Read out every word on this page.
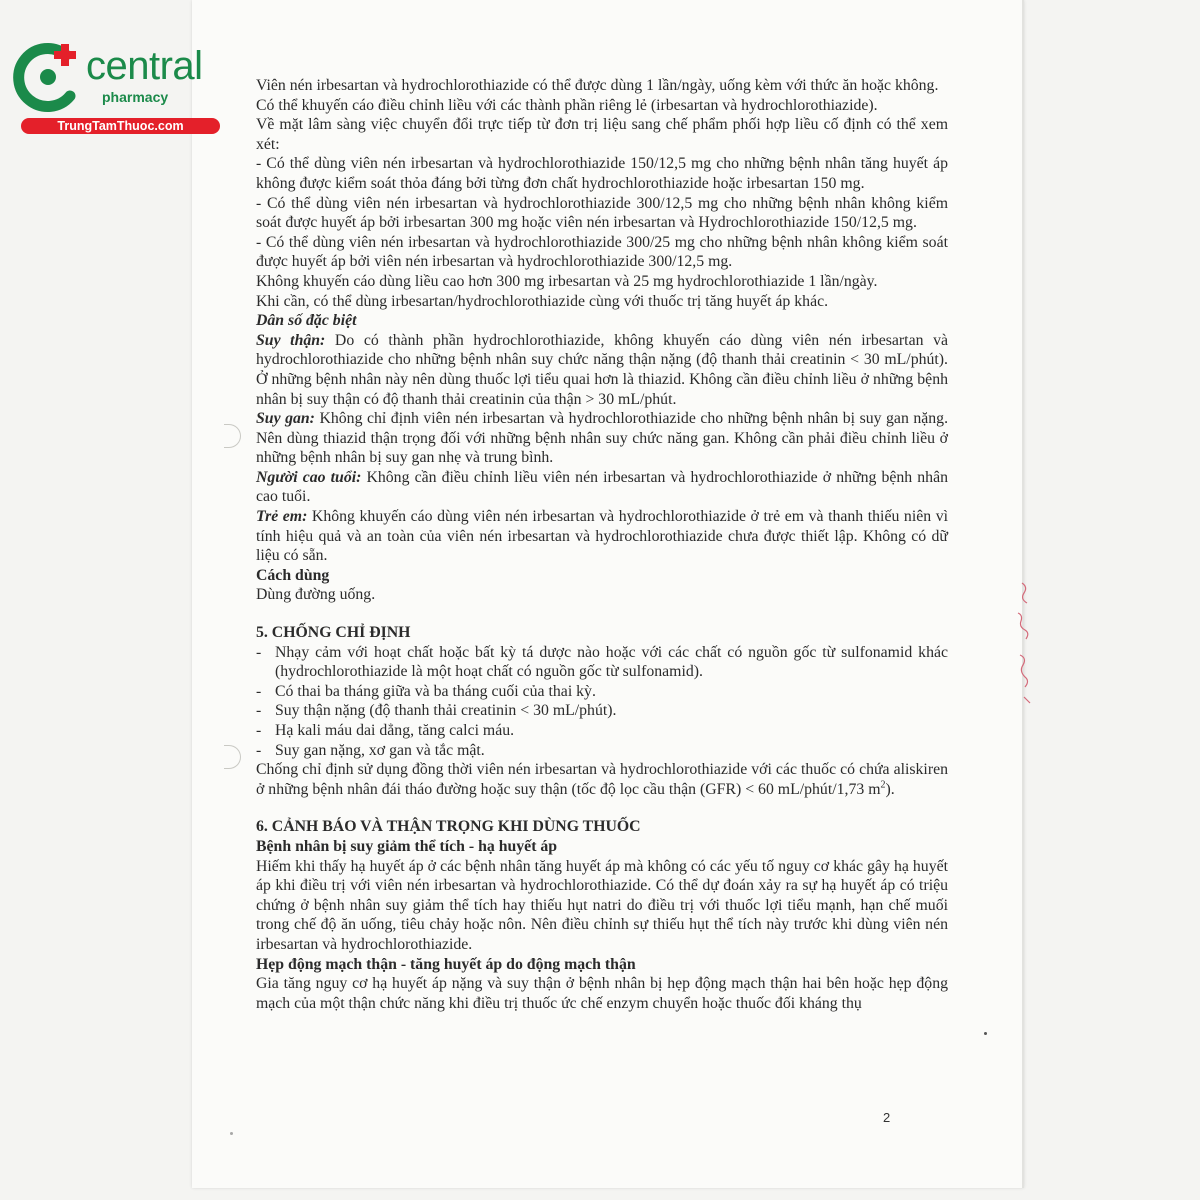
central
pharmacy
TrungTamThuoc.com

Viên nén irbesartan và hydrochlorothiazide có thể được dùng 1 lần/ngày, uống kèm với thức ăn hoặc không.

Có thể khuyến cáo điều chỉnh liều với các thành phần riêng lẻ (irbesartan và hydrochlorothiazide).

Về mặt lâm sàng việc chuyển đổi trực tiếp từ đơn trị liệu sang chế phẩm phối hợp liều cố định có thể xem xét:

- Có thể dùng viên nén irbesartan và hydrochlorothiazide 150/12,5 mg cho những bệnh nhân tăng huyết áp không được kiểm soát thỏa đáng bởi từng đơn chất hydrochlorothiazide hoặc irbesartan 150 mg.

- Có thể dùng viên nén irbesartan và hydrochlorothiazide 300/12,5 mg cho những bệnh nhân không kiểm soát được huyết áp bởi irbesartan 300 mg hoặc viên nén irbesartan và Hydrochlorothiazide 150/12,5 mg.

- Có thể dùng viên nén irbesartan và hydrochlorothiazide 300/25 mg cho những bệnh nhân không kiểm soát được huyết áp bởi viên nén irbesartan và hydrochlorothiazide 300/12,5 mg.

Không khuyến cáo dùng liều cao hơn 300 mg irbesartan và 25 mg hydrochlorothiazide 1 lần/ngày.

Khi cần, có thể dùng irbesartan/hydrochlorothiazide cùng với thuốc trị tăng huyết áp khác.

Dân số đặc biệt

Suy thận: Do có thành phần hydrochlorothiazide, không khuyến cáo dùng viên nén irbesartan và hydrochlorothiazide cho những bệnh nhân suy chức năng thận nặng (độ thanh thải creatinin < 30 mL/phút). Ở những bệnh nhân này nên dùng thuốc lợi tiểu quai hơn là thiazid. Không cần điều chỉnh liều ở những bệnh nhân bị suy thận có độ thanh thải creatinin của thận > 30 mL/phút.

Suy gan: Không chỉ định viên nén irbesartan và hydrochlorothiazide cho những bệnh nhân bị suy gan nặng. Nên dùng thiazid thận trọng đối với những bệnh nhân suy chức năng gan. Không cần phải điều chỉnh liều ở những bệnh nhân bị suy gan nhẹ và trung bình.

Người cao tuổi: Không cần điều chỉnh liều viên nén irbesartan và hydrochlorothiazide ở những bệnh nhân cao tuổi.

Trẻ em: Không khuyến cáo dùng viên nén irbesartan và hydrochlorothiazide ở trẻ em và thanh thiếu niên vì tính hiệu quả và an toàn của viên nén irbesartan và hydrochlorothiazide chưa được thiết lập. Không có dữ liệu có sẵn.

Cách dùng

Dùng đường uống.

5. CHỐNG CHỈ ĐỊNH

- Nhạy cảm với hoạt chất hoặc bất kỳ tá dược nào hoặc với các chất có nguồn gốc từ sulfonamid khác (hydrochlorothiazide là một hoạt chất có nguồn gốc từ sulfonamid).
- Có thai ba tháng giữa và ba tháng cuối của thai kỳ.
- Suy thận nặng (độ thanh thải creatinin < 30 mL/phút).
- Hạ kali máu dai dẳng, tăng calci máu.
- Suy gan nặng, xơ gan và tắc mật.

Chống chỉ định sử dụng đồng thời viên nén irbesartan và hydrochlorothiazide với các thuốc có chứa aliskiren ở những bệnh nhân đái tháo đường hoặc suy thận (tốc độ lọc cầu thận (GFR) < 60 mL/phút/1,73 $m^2$).

6. CẢNH BÁO VÀ THẬN TRỌNG KHI DÙNG THUỐC

Bệnh nhân bị suy giảm thể tích - hạ huyết áp

Hiếm khi thấy hạ huyết áp ở các bệnh nhân tăng huyết áp mà không có các yếu tố nguy cơ khác gây hạ huyết áp khi điều trị với viên nén irbesartan và hydrochlorothiazide. Có thể dự đoán xảy ra sự hạ huyết áp có triệu chứng ở bệnh nhân suy giảm thể tích hay thiếu hụt natri do điều trị với thuốc lợi tiểu mạnh, hạn chế muối trong chế độ ăn uống, tiêu chảy hoặc nôn. Nên điều chỉnh sự thiếu hụt thể tích này trước khi dùng viên nén irbesartan và hydrochlorothiazide.

Hẹp động mạch thận - tăng huyết áp do động mạch thận

Gia tăng nguy cơ hạ huyết áp nặng và suy thận ở bệnh nhân bị hẹp động mạch thận hai bên hoặc hẹp động mạch của một thận chức năng khi điều trị thuốc ức chế enzym chuyển hoặc thuốc đối kháng thụ

2
